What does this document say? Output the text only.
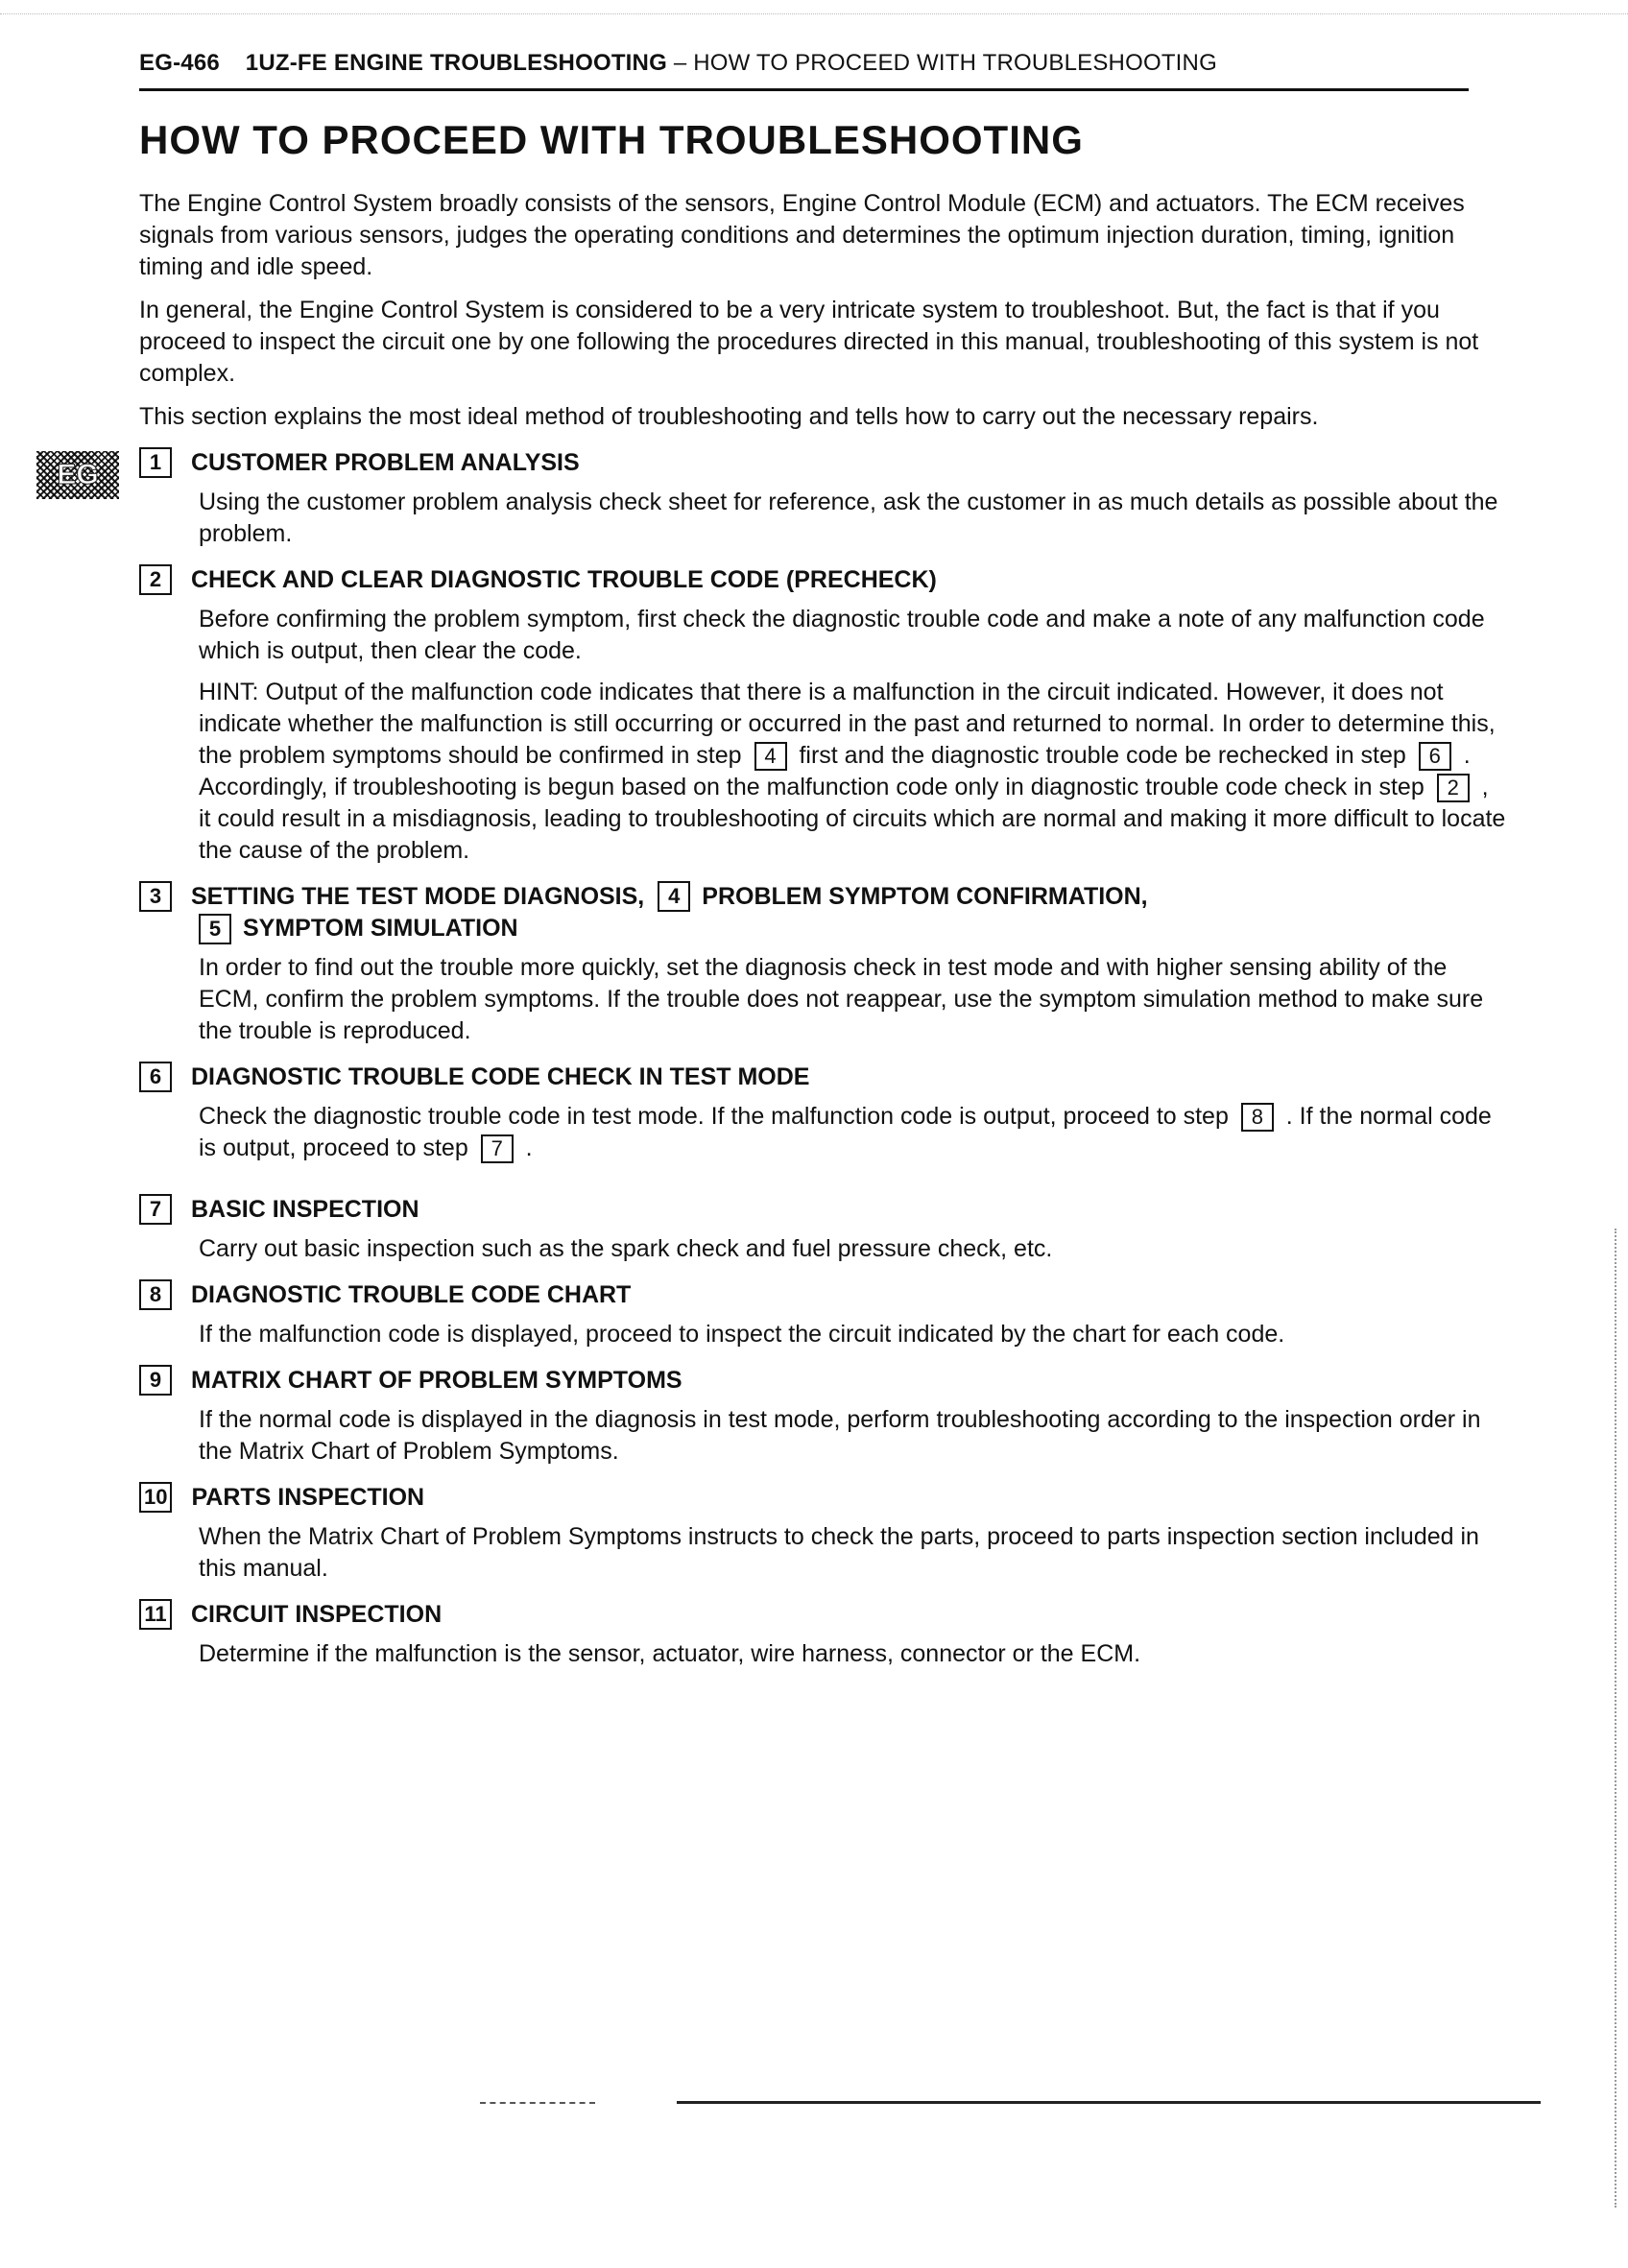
EG-466 1UZ-FE ENGINE TROUBLESHOOTING – HOW TO PROCEED WITH TROUBLESHOOTING
HOW TO PROCEED WITH TROUBLESHOOTING
EG

The Engine Control System broadly consists of the sensors, Engine Control Module (ECM) and actuators. The ECM receives signals from various sensors, judges the operating conditions and determines the optimum injection duration, timing, ignition timing and idle speed.

In general, the Engine Control System is considered to be a very intricate system to troubleshoot. But, the fact is that if you proceed to inspect the circuit one by one following the procedures directed in this manual, troubleshooting of this system is not complex.

This section explains the most ideal method of troubleshooting and tells how to carry out the necessary repairs.

1	CUSTOMER PROBLEM ANALYSIS

Using the customer problem analysis check sheet for reference, ask the customer in as much details as possible about the problem.

2	CHECK AND CLEAR DIAGNOSTIC TROUBLE CODE (PRECHECK)

Before confirming the problem symptom, first check the diagnostic trouble code and make a note of any malfunction code which is output, then clear the code.

HINT: Output of the malfunction code indicates that there is a malfunction in the circuit indicated. However, it does not indicate whether the malfunction is still occurring or occurred in the past and returned to normal. In order to determine this, the problem symptoms should be confirmed in step 4 first and the diagnostic trouble code be rechecked in step 6 .

Accordingly, if troubleshooting is begun based on the malfunction code only in diagnostic trouble code check in step 2 , it could result in a misdiagnosis, leading to troubleshooting of circuits which are normal and making it more difficult to locate the cause of the problem.

3	SETTING THE TEST MODE DIAGNOSIS,	4 PROBLEM SYMPTOM CONFIRMATION,
5 SYMPTOM SIMULATION

In order to find out the trouble more quickly, set the diagnosis check in test mode and with higher sensing ability of the ECM, confirm the problem symptoms. If the trouble does not reappear, use the symptom simulation method to make sure the trouble is reproduced.

6	DIAGNOSTIC TROUBLE CODE CHECK IN TEST MODE

Check the diagnostic trouble code in test mode. If the malfunction code is output, proceed to step 8 . If the normal code is output, proceed to step 7 .

7	BASIC INSPECTION

Carry out basic inspection such as the spark check and fuel pressure check, etc.

8	DIAGNOSTIC TROUBLE CODE CHART

If the malfunction code is displayed, proceed to inspect the circuit indicated by the chart for each code.

9	MATRIX CHART OF PROBLEM SYMPTOMS

If the normal code is displayed in the diagnosis in test mode, perform troubleshooting according to the inspection order in the Matrix Chart of Problem Symptoms.

10 PARTS INSPECTION

When the Matrix Chart of Problem Symptoms instructs to check the parts, proceed to parts inspection section included in this manual.

11 CIRCUIT INSPECTION

Determine if the malfunction is the sensor, actuator, wire harness, connector or the ECM.
